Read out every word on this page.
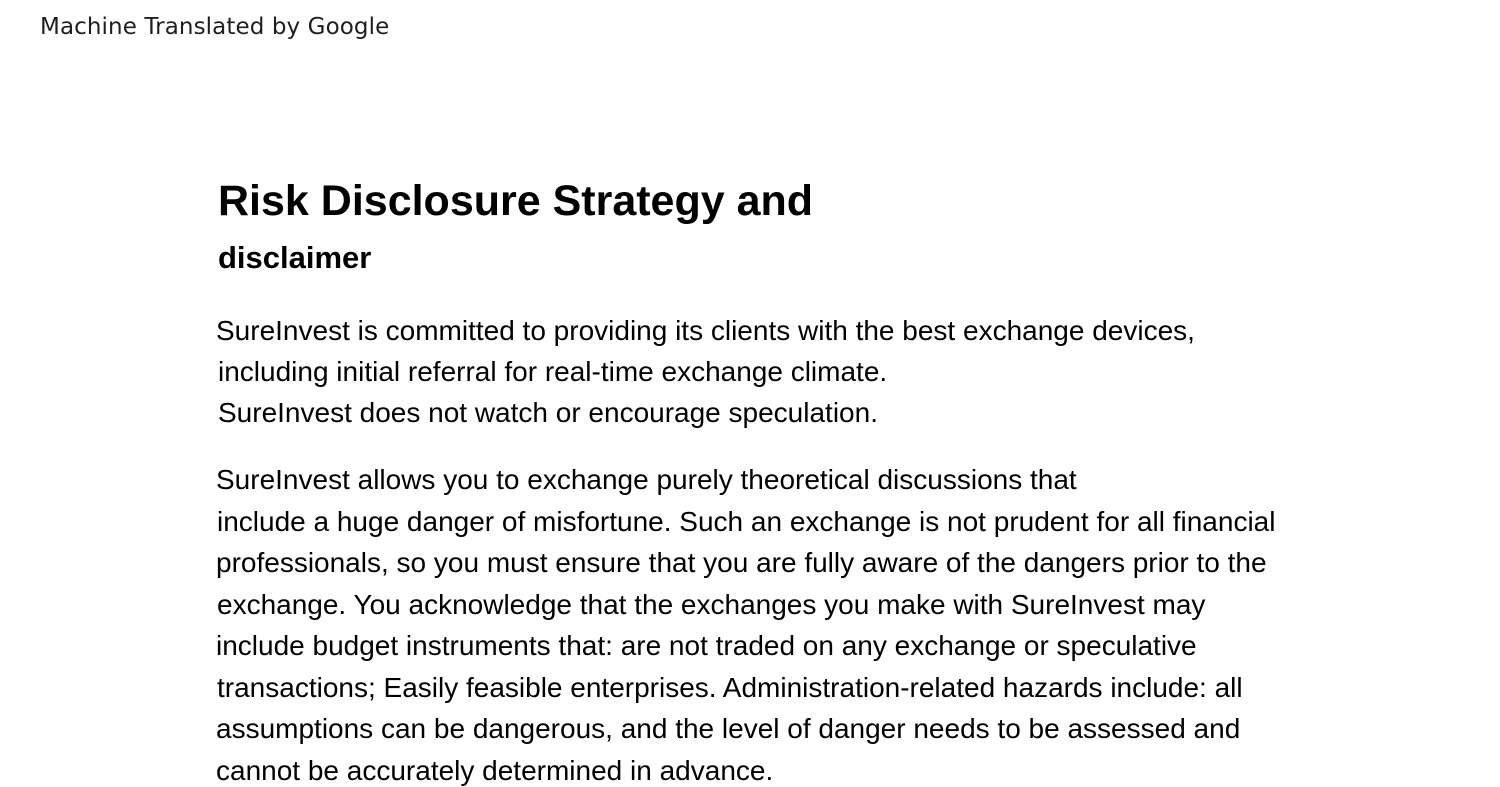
Machine Translated by Google
Risk Disclosure Strategy and
disclaimer
SureInvest is committed to providing its clients with the best exchange devices,
including initial referral for real-time exchange climate.
SureInvest does not watch or encourage speculation.
SureInvest allows you to exchange purely theoretical discussions that
include a huge danger of misfortune. Such an exchange is not prudent for all financial
professionals, so you must ensure that you are fully aware of the dangers prior to the
exchange. You acknowledge that the exchanges you make with SureInvest may
include budget instruments that: are not traded on any exchange or speculative
transactions; Easily feasible enterprises. Administration-related hazards include: all
assumptions can be dangerous, and the level of danger needs to be assessed and
cannot be accurately determined in advance.
